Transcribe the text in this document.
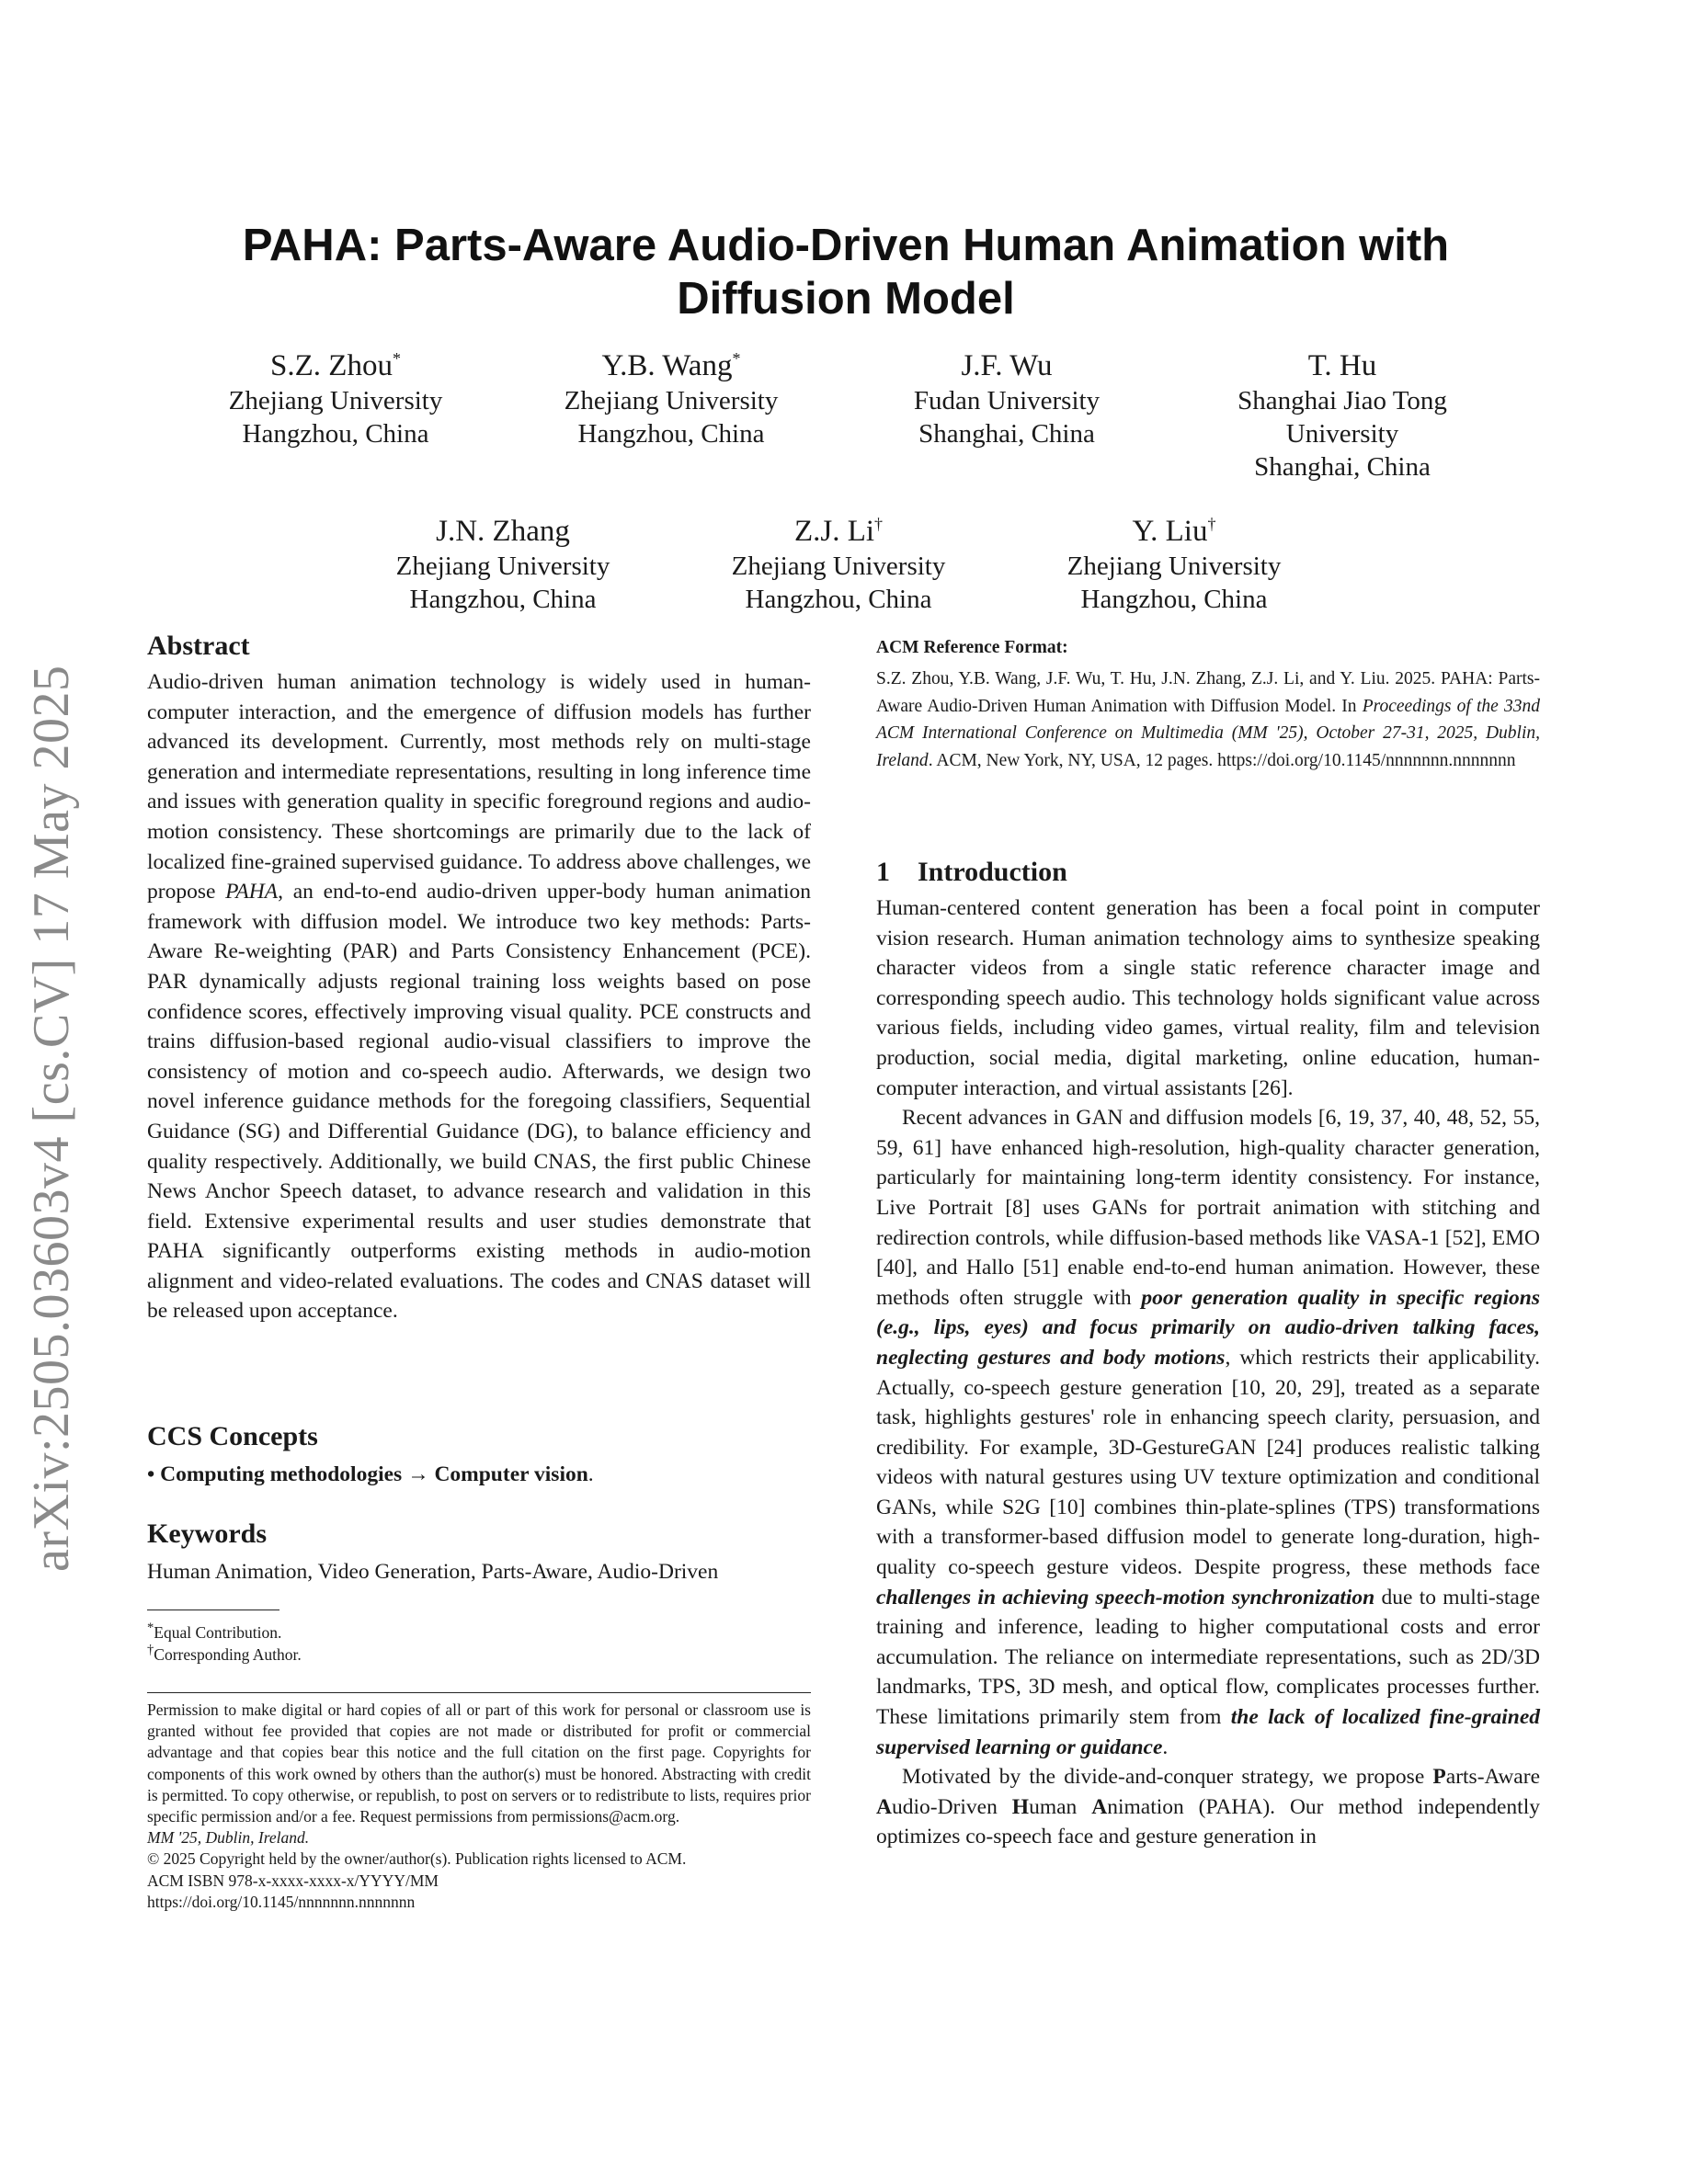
arXiv:2505.03603v4 [cs.CV] 17 May 2025
PAHA: Parts-Aware Audio-Driven Human Animation with
Diffusion Model
S.Z. Zhou*
Zhejiang University
Hangzhou, China
Y.B. Wang*
Zhejiang University
Hangzhou, China
J.F. Wu
Fudan University
Shanghai, China
T. Hu
Shanghai Jiao Tong
University
Shanghai, China
J.N. Zhang
Zhejiang University
Hangzhou, China
Z.J. Li†
Zhejiang University
Hangzhou, China
Y. Liu†
Zhejiang University
Hangzhou, China
Abstract

Audio-driven human animation technology is widely used in human-computer interaction, and the emergence of diffusion models has further advanced its development. Currently, most methods rely on multi-stage generation and intermediate representations, resulting in long inference time and issues with generation quality in specific foreground regions and audio-motion consistency. These shortcomings are primarily due to the lack of localized fine-grained supervised guidance. To address above challenges, we propose PAHA, an end-to-end audio-driven upper-body human animation framework with diffusion model. We introduce two key methods: Parts-Aware Re-weighting (PAR) and Parts Consistency Enhancement (PCE). PAR dynamically adjusts regional training loss weights based on pose confidence scores, effectively improving visual quality. PCE constructs and trains diffusion-based regional audio-visual classifiers to improve the consistency of motion and co-speech audio. Afterwards, we design two novel inference guidance methods for the foregoing classifiers, Sequential Guidance (SG) and Differential Guidance (DG), to balance efficiency and quality respectively. Additionally, we build CNAS, the first public Chinese News Anchor Speech dataset, to advance research and validation in this field. Extensive experimental results and user studies demonstrate that PAHA significantly outperforms existing methods in audio-motion alignment and video-related evaluations. The codes and CNAS dataset will be released upon acceptance.

CCS Concepts

• Computing methodologies → Computer vision.

Keywords

Human Animation, Video Generation, Parts-Aware, Audio-Driven

*Equal Contribution.

†Corresponding Author.

Permission to make digital or hard copies of all or part of this work for personal or classroom use is granted without fee provided that copies are not made or distributed for profit or commercial advantage and that copies bear this notice and the full citation on the first page. Copyrights for components of this work owned by others than the author(s) must be honored. Abstracting with credit is permitted. To copy otherwise, or republish, to post on servers or to redistribute to lists, requires prior specific permission and/or a fee. Request permissions from permissions@acm.org.

MM '25, Dublin, Ireland.

© 2025 Copyright held by the owner/author(s). Publication rights licensed to ACM.

ACM ISBN 978-x-xxxx-xxxx-x/YYYY/MM

https://doi.org/10.1145/nnnnnnn.nnnnnnn

ACM Reference Format:

S.Z. Zhou, Y.B. Wang, J.F. Wu, T. Hu, J.N. Zhang, Z.J. Li, and Y. Liu. 2025. PAHA: Parts-Aware Audio-Driven Human Animation with Diffusion Model. In Proceedings of the 33nd ACM International Conference on Multimedia (MM '25), October 27-31, 2025, Dublin, Ireland. ACM, New York, NY, USA, 12 pages. https://doi.org/10.1145/nnnnnnn.nnnnnnn

1    Introduction

Human-centered content generation has been a focal point in computer vision research. Human animation technology aims to synthesize speaking character videos from a single static reference character image and corresponding speech audio. This technology holds significant value across various fields, including video games, virtual reality, film and television production, social media, digital marketing, online education, human-computer interaction, and virtual assistants [26].

Recent advances in GAN and diffusion models [6, 19, 37, 40, 48, 52, 55, 59, 61] have enhanced high-resolution, high-quality character generation, particularly for maintaining long-term identity consistency. For instance, Live Portrait [8] uses GANs for portrait animation with stitching and redirection controls, while diffusion-based methods like VASA-1 [52], EMO [40], and Hallo [51] enable end-to-end human animation. However, these methods often struggle with poor generation quality in specific regions (e.g., lips, eyes) and focus primarily on audio-driven talking faces, neglecting gestures and body motions, which restricts their applicability. Actually, co-speech gesture generation [10, 20, 29], treated as a separate task, highlights gestures' role in enhancing speech clarity, persuasion, and credibility. For example, 3D-GestureGAN [24] produces realistic talking videos with natural gestures using UV texture optimization and conditional GANs, while S2G [10] combines thin-plate-splines (TPS) transformations with a transformer-based diffusion model to generate long-duration, high-quality co-speech gesture videos. Despite progress, these methods face challenges in achieving speech-motion synchronization due to multi-stage training and inference, leading to higher computational costs and error accumulation. The reliance on intermediate representations, such as 2D/3D landmarks, TPS, 3D mesh, and optical flow, complicates processes further. These limitations primarily stem from the lack of localized fine-grained supervised learning or guidance.

Motivated by the divide-and-conquer strategy, we propose Parts-Aware Audio-Driven Human Animation (PAHA). Our method independently optimizes co-speech face and gesture generation in
